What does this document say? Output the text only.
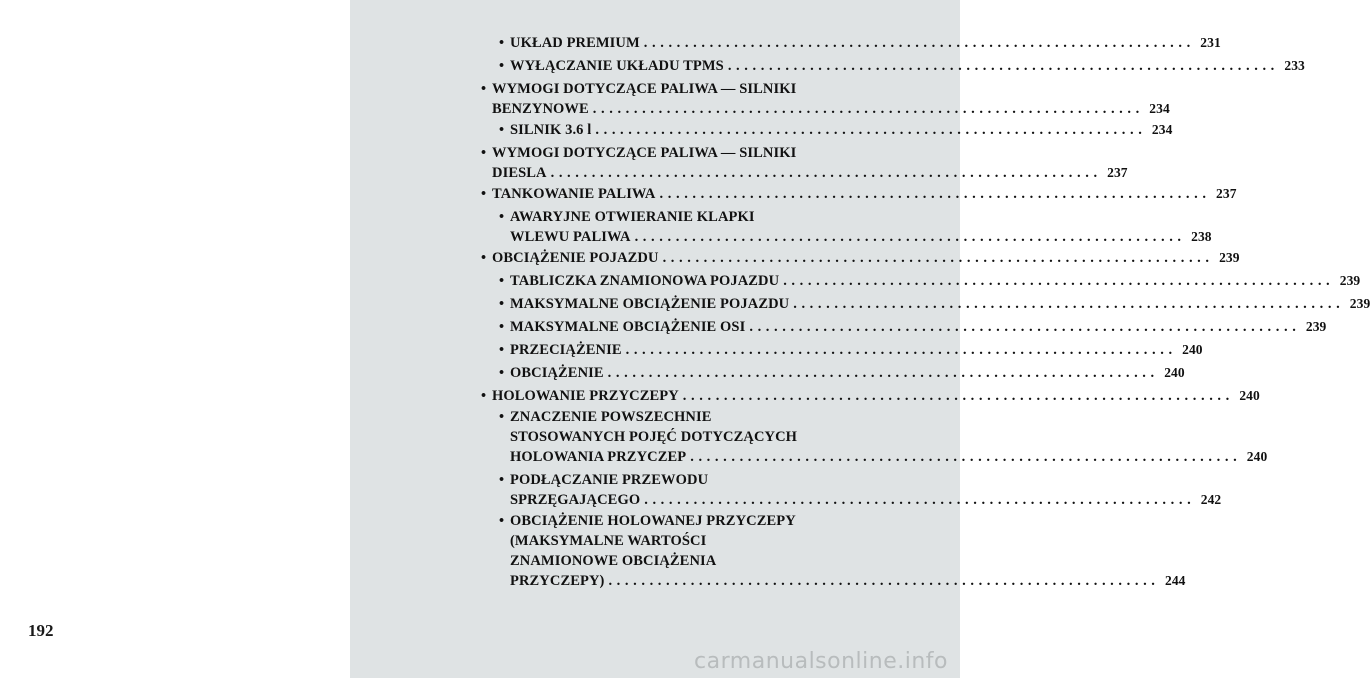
192
• UKŁAD PREMIUM ................................................................... 231
• WYŁĄCZANIE UKŁADU TPMS ................................................................... 233
• WYMOGI DOTYCZĄCE PALIWA — SILNIKI
BENZYNOWE ................................................................... 234
• SILNIK 3.6 l ................................................................... 234
• WYMOGI DOTYCZĄCE PALIWA — SILNIKI
DIESLA ................................................................... 237
• TANKOWANIE PALIWA ................................................................... 237
• AWARYJNE OTWIERANIE KLAPKI
WLEWU PALIWA ................................................................... 238
• OBCIĄŻENIE POJAZDU ................................................................... 239
• TABLICZKA ZNAMIONOWA POJAZDU ................................................................... 239
• MAKSYMALNE OBCIĄŻENIE POJAZDU ................................................................... 239
• MAKSYMALNE OBCIĄŻENIE OSI ................................................................... 239
• PRZECIĄŻENIE ................................................................... 240
• OBCIĄŻENIE ................................................................... 240
• HOLOWANIE PRZYCZEPY ................................................................... 240
• ZNACZENIE POWSZECHNIE
STOSOWANYCH POJĘĆ DOTYCZĄCYCH
HOLOWANIA PRZYCZEP ................................................................... 240
• PODŁĄCZANIE PRZEWODU
SPRZĘGAJĄCEGO ................................................................... 242
• OBCIĄŻENIE HOLOWANEJ PRZYCZEPY
(MAKSYMALNE WARTOŚCI
ZNAMIONOWE OBCIĄŻENIA
PRZYCZEPY) ................................................................... 244
carmanualsonline.info
